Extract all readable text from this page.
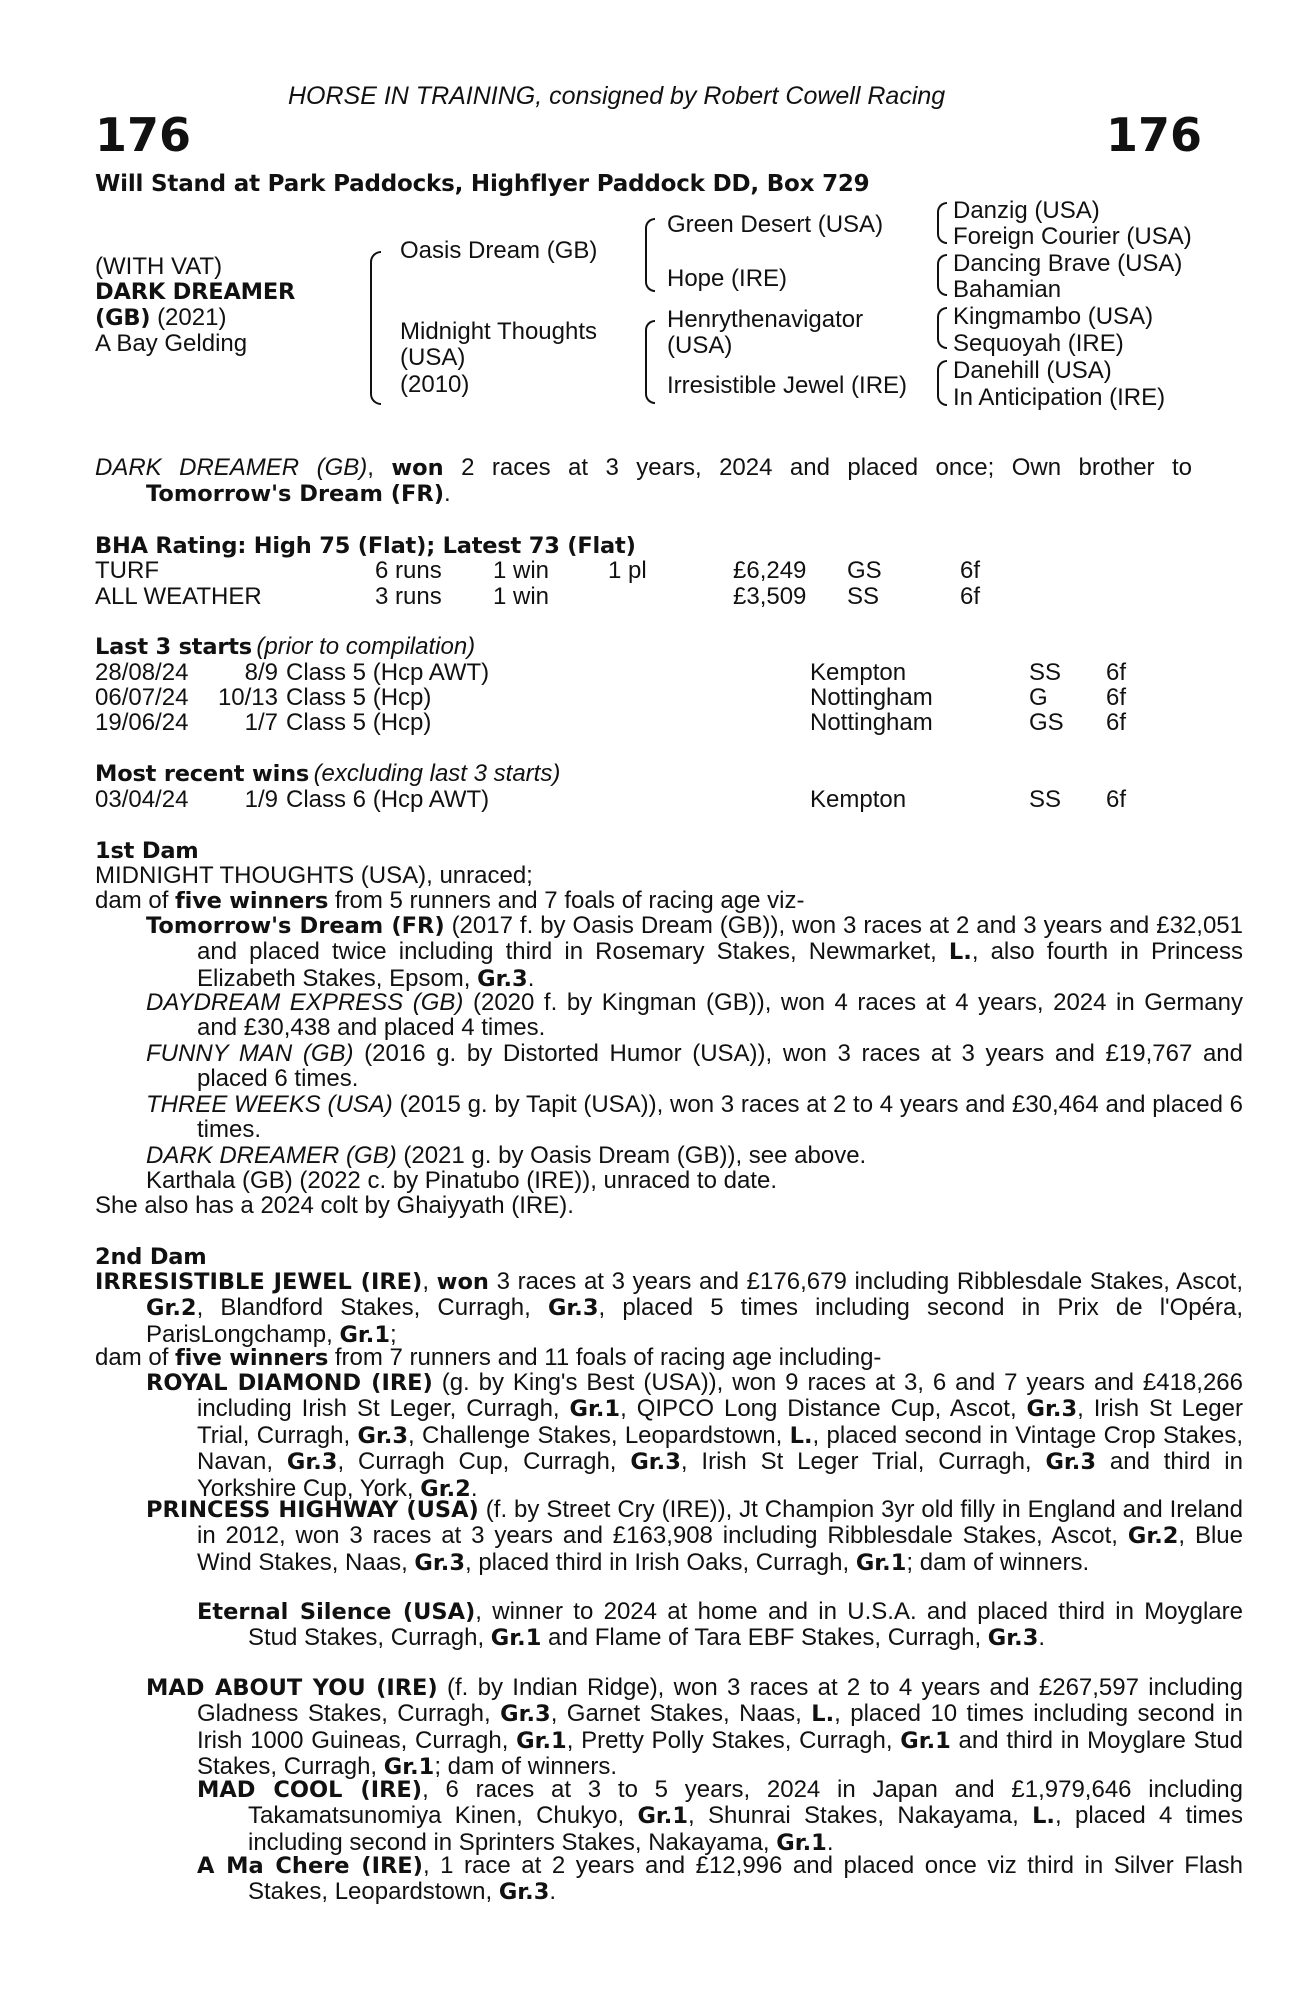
HORSE IN TRAINING, consigned by Robert Cowell Racing
176	176
Will Stand at Park Paddocks, Highflyer Paddock DD, Box 729
(WITH VAT)
DARK DREAMER
(GB) (2021)
A Bay Gelding
Oasis Dream (GB)
Midnight Thoughts
(USA)
(2010)
Green Desert (USA)
Hope (IRE)
Henrythenavigator
(USA)
Irresistible Jewel (IRE)
Danzig (USA)
Foreign Courier (USA)
Dancing Brave (USA)
Bahamian
Kingmambo (USA)
Sequoyah (IRE)
Danehill (USA)
In Anticipation (IRE)
DARK DREAMER (GB), won 2 races at 3 years, 2024 and placed once; Own brother to
Tomorrow's Dream (FR).
BHA Rating: High 75 (Flat); Latest 73 (Flat)
TURF	6 runs 1 win 1 pl	£6,249 GS	6f
ALL WEATHER	3 runs 1 win	£3,509 SS	6f
Last 3 starts (prior to compilation)
28/08/24	8/9 Class 5 (Hcp AWT)	Kempton	SS 6f
06/07/24	10/13 Class 5 (Hcp)	Nottingham	G 6f
19/06/24	1/7 Class 5 (Hcp)	Nottingham	GS 6f
Most recent wins (excluding last 3 starts)
03/04/24	1/9 Class 6 (Hcp AWT)	Kempton	SS 6f
1st Dam
MIDNIGHT THOUGHTS (USA), unraced;
dam of five winners from 5 runners and 7 foals of racing age viz-
Tomorrow's Dream (FR) (2017 f. by Oasis Dream (GB)), won 3 races at 2 and 3 years and £32,051 and placed twice including third in Rosemary Stakes, Newmarket, L., also fourth in Princess Elizabeth Stakes, Epsom, Gr.3.
DAYDREAM EXPRESS (GB) (2020 f. by Kingman (GB)), won 4 races at 4 years, 2024 in Germany and £30,438 and placed 4 times.
FUNNY MAN (GB) (2016 g. by Distorted Humor (USA)), won 3 races at 3 years and £19,767 and placed 6 times.
THREE WEEKS (USA) (2015 g. by Tapit (USA)), won 3 races at 2 to 4 years and £30,464 and placed 6 times.
DARK DREAMER (GB) (2021 g. by Oasis Dream (GB)), see above.
Karthala (GB) (2022 c. by Pinatubo (IRE)), unraced to date.
She also has a 2024 colt by Ghaiyyath (IRE).
2nd Dam
IRRESISTIBLE JEWEL (IRE), won 3 races at 3 years and £176,679 including Ribblesdale Stakes, Ascot, Gr.2, Blandford Stakes, Curragh, Gr.3, placed 5 times including second in Prix de l'Opéra, ParisLongchamp, Gr.1;
dam of five winners from 7 runners and 11 foals of racing age including-
ROYAL DIAMOND (IRE) (g. by King's Best (USA)), won 9 races at 3, 6 and 7 years and £418,266 including Irish St Leger, Curragh, Gr.1, QIPCO Long Distance Cup, Ascot, Gr.3, Irish St Leger Trial, Curragh, Gr.3, Challenge Stakes, Leopardstown, L., placed second in Vintage Crop Stakes, Navan, Gr.3, Curragh Cup, Curragh, Gr.3, Irish St Leger Trial, Curragh, Gr.3 and third in Yorkshire Cup, York, Gr.2.
PRINCESS HIGHWAY (USA) (f. by Street Cry (IRE)), Jt Champion 3yr old filly in England and Ireland in 2012, won 3 races at 3 years and £163,908 including Ribblesdale Stakes, Ascot, Gr.2, Blue Wind Stakes, Naas, Gr.3, placed third in Irish Oaks, Curragh, Gr.1; dam of winners.
Eternal Silence (USA), winner to 2024 at home and in U.S.A. and placed third in Moyglare Stud Stakes, Curragh, Gr.1 and Flame of Tara EBF Stakes, Curragh, Gr.3.
MAD ABOUT YOU (IRE) (f. by Indian Ridge), won 3 races at 2 to 4 years and £267,597 including Gladness Stakes, Curragh, Gr.3, Garnet Stakes, Naas, L., placed 10 times including second in Irish 1000 Guineas, Curragh, Gr.1, Pretty Polly Stakes, Curragh, Gr.1 and third in Moyglare Stud Stakes, Curragh, Gr.1; dam of winners.
MAD COOL (IRE), 6 races at 3 to 5 years, 2024 in Japan and £1,979,646 including Takamatsunomiya Kinen, Chukyo, Gr.1, Shunrai Stakes, Nakayama, L., placed 4 times including second in Sprinters Stakes, Nakayama, Gr.1.
A Ma Chere (IRE), 1 race at 2 years and £12,996 and placed once viz third in Silver Flash Stakes, Leopardstown, Gr.3.
